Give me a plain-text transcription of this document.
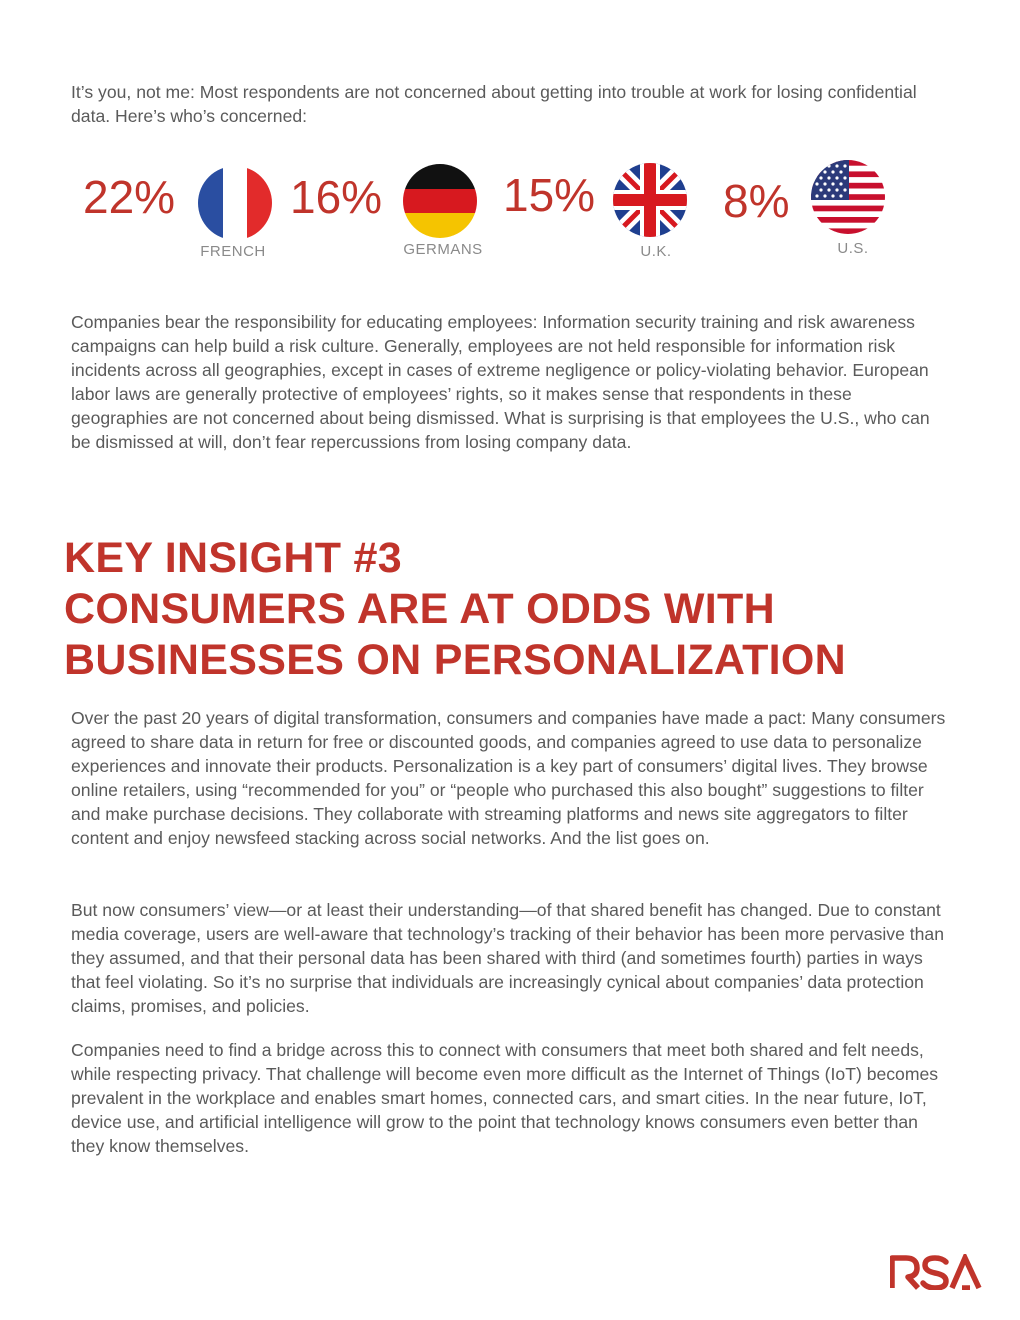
It’s you, not me: Most respondents are not concerned about getting into trouble at work for losing confidential data. Here’s who’s concerned:

22%
FRENCH
16%
GERMANS
15%
U.K.
8%
U.S.

Companies bear the responsibility for educating employees: Information security training and risk awareness campaigns can help build a risk culture. Generally, employees are not held responsible for information risk incidents across all geographies, except in cases of extreme negligence or policy-violating behavior. European labor laws are generally protective of employees’ rights, so it makes sense that respondents in these geographies are not concerned about being dismissed. What is surprising is that employees the U.S., who can be dismissed at will, don’t fear repercussions from losing company data.

KEY INSIGHT #3
CONSUMERS ARE AT ODDS WITH
BUSINESSES ON PERSONALIZATION

Over the past 20 years of digital transformation, consumers and companies have made a pact: Many consumers agreed to share data in return for free or discounted goods, and companies agreed to use data to personalize experiences and innovate their products. Personalization is a key part of consumers’ digital lives. They browse online retailers, using “recommended for you” or “people who purchased this also bought” suggestions to filter and make purchase decisions. They collaborate with streaming platforms and news site aggregators to filter content and enjoy newsfeed stacking across social networks. And the list goes on.

But now consumers’ view—or at least their understanding—of that shared benefit has changed. Due to constant media coverage, users are well-aware that technology’s tracking of their behavior has been more pervasive than they assumed, and that their personal data has been shared with third (and sometimes fourth) parties in ways that feel violating. So it’s no surprise that individuals are increasingly cynical about companies’ data protection claims, promises, and policies.

Companies need to find a bridge across this to connect with consumers that meet both shared and felt needs, while respecting privacy. That challenge will become even more difficult as the Internet of Things (IoT) becomes prevalent in the workplace and enables smart homes, connected cars, and smart cities. In the near future, IoT, device use, and artificial intelligence will grow to the point that technology knows consumers even better than they know themselves.
